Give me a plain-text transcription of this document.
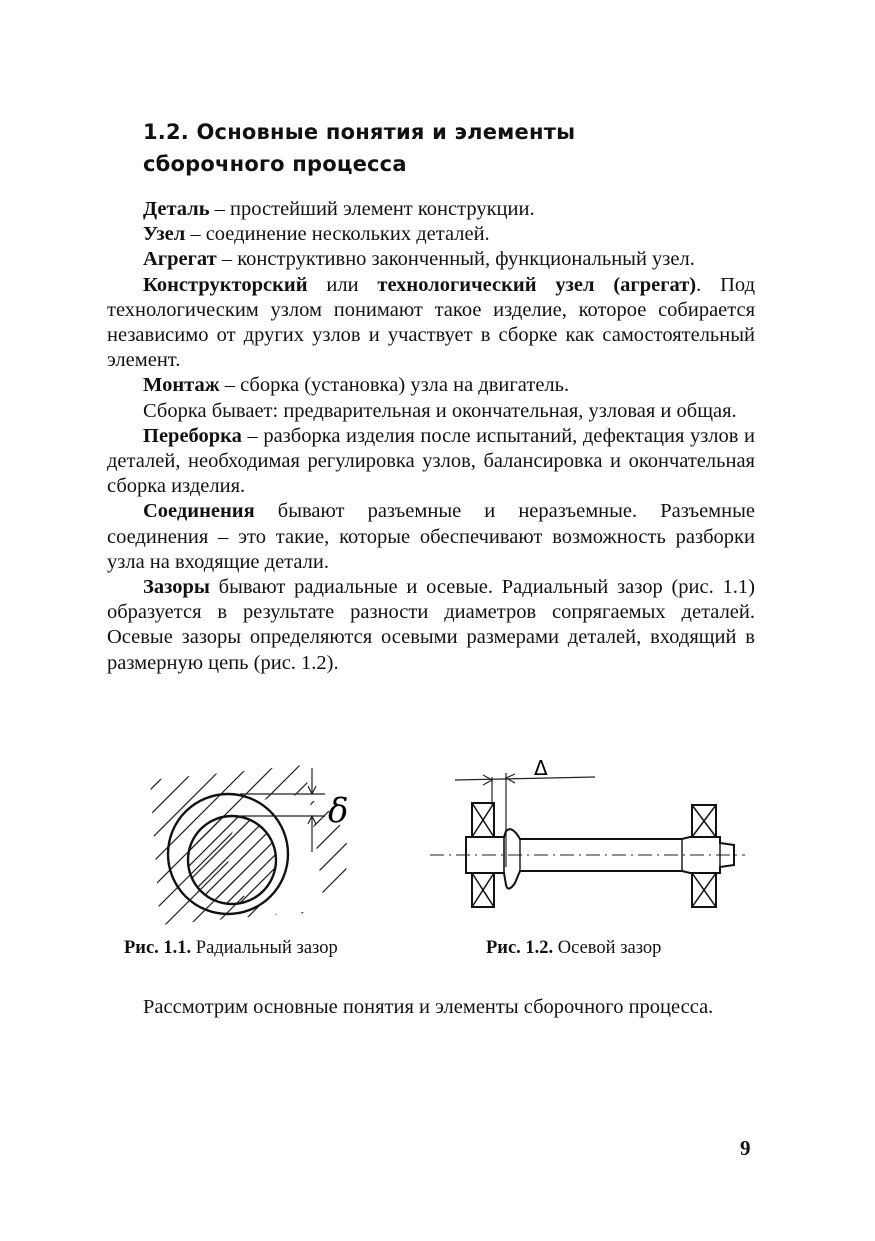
1.2. Основные понятия и элементы
сборочного процесса

Деталь – простейший элемент конструкции.

Узел – соединение нескольких деталей.

Агрегат – конструктивно законченный, функциональный узел.

Конструкторский или технологический узел (агрегат). Под технологическим узлом понимают такое изделие, которое собирается независимо от других узлов и участвует в сборке как самостоятельный элемент.

Монтаж – сборка (установка) узла на двигатель.

Сборка бывает: предварительная и окончательная, узловая и общая.

Переборка – разборка изделия после испытаний, дефектация узлов и деталей, необходимая регулировка узлов, балансировка и окончательная сборка изделия.

Соединения бывают разъемные и неразъемные. Разъемные соединения – это такие, которые обеспечивают возможность разборки узла на входящие детали.

Зазоры бывают радиальные и осевые. Радиальный зазор (рис. 1.1) образуется в результате разности диаметров сопрягаемых деталей. Осевые зазоры определяются осевыми размерами деталей, входящий в размерную цепь (рис. 1.2).

δ
Δ
Рис. 1.1. Радиальный зазор	Рис. 1.2. Осевой зазор

Рассмотрим основные понятия и элементы сборочного процесса.

9
